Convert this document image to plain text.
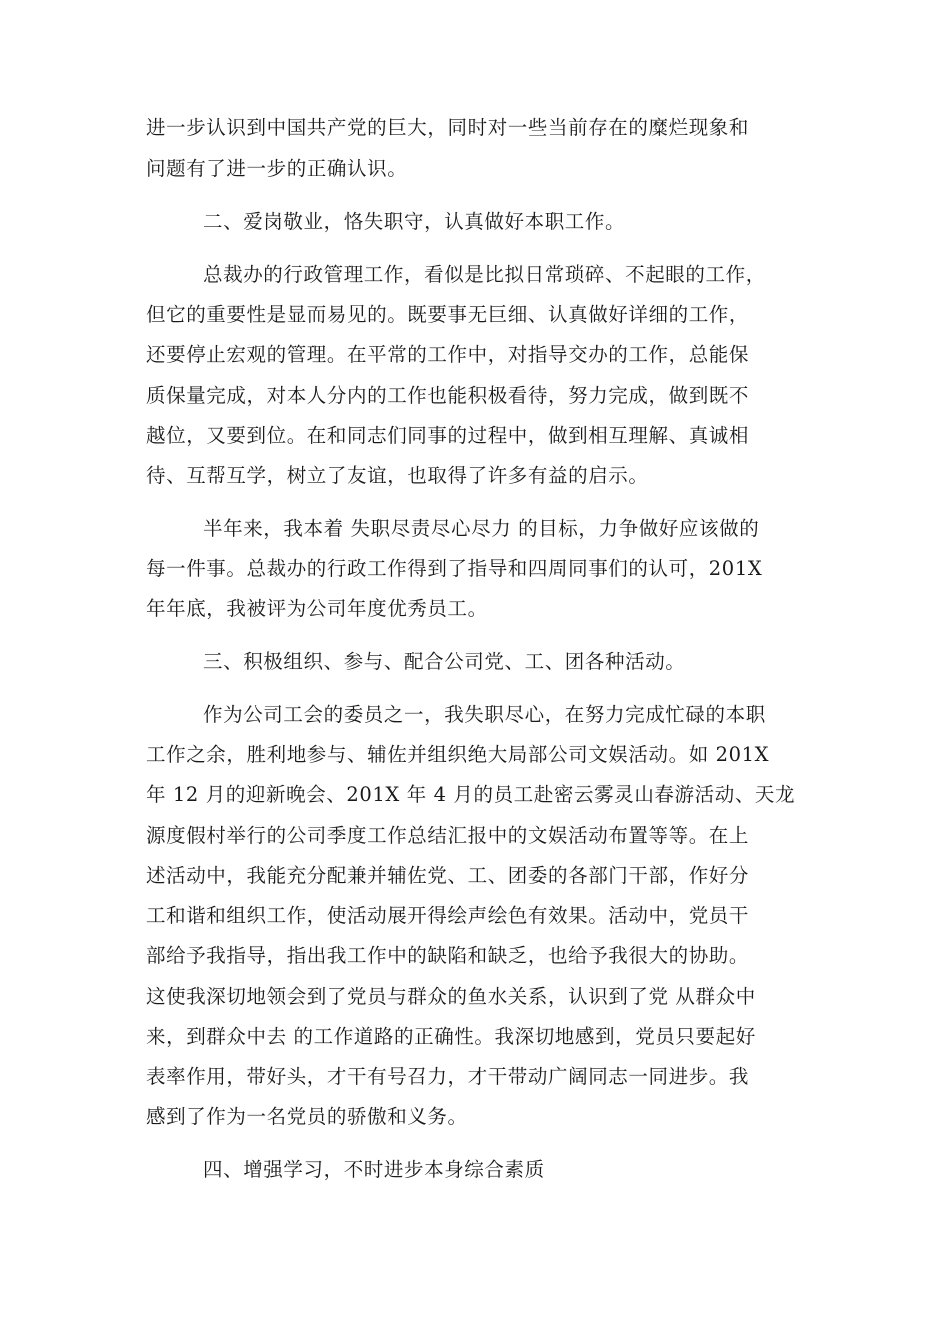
进一步认识到中国共产党的巨大，同时对一些当前存在的糜烂现象和
问题有了进一步的正确认识。
二、爱岗敬业，恪失职守，认真做好本职工作。
总裁办的行政管理工作，看似是比拟日常琐碎、不起眼的工作，
但它的重要性是显而易见的。既要事无巨细、认真做好详细的工作，
还要停止宏观的管理。在平常的工作中，对指导交办的工作，总能保
质保量完成，对本人分内的工作也能积极看待，努力完成，做到既不
越位，又要到位。在和同志们同事的过程中，做到相互理解、真诚相
待、互帮互学，树立了友谊，也取得了许多有益的启示。
半年来，我本着 失职尽责尽心尽力 的目标，力争做好应该做的
每一件事。总裁办的行政工作得到了指导和四周同事们的认可，201X
年年底，我被评为公司年度优秀员工。
三、积极组织、参与、配合公司党、工、团各种活动。
作为公司工会的委员之一，我失职尽心，在努力完成忙碌的本职
工作之余，胜利地参与、辅佐并组织绝大局部公司文娱活动。如 201X
年 12 月的迎新晚会、201X 年 4 月的员工赴密云雾灵山春游活动、天龙
源度假村举行的公司季度工作总结汇报中的文娱活动布置等等。在上
述活动中，我能充分配兼并辅佐党、工、团委的各部门干部，作好分
工和谐和组织工作，使活动展开得绘声绘色有效果。活动中，党员干
部给予我指导，指出我工作中的缺陷和缺乏，也给予我很大的协助。
这使我深切地领会到了党员与群众的鱼水关系，认识到了党 从群众中
来，到群众中去 的工作道路的正确性。我深切地感到，党员只要起好
表率作用，带好头，才干有号召力，才干带动广阔同志一同进步。我
感到了作为一名党员的骄傲和义务。
四、增强学习，不时进步本身综合素质
